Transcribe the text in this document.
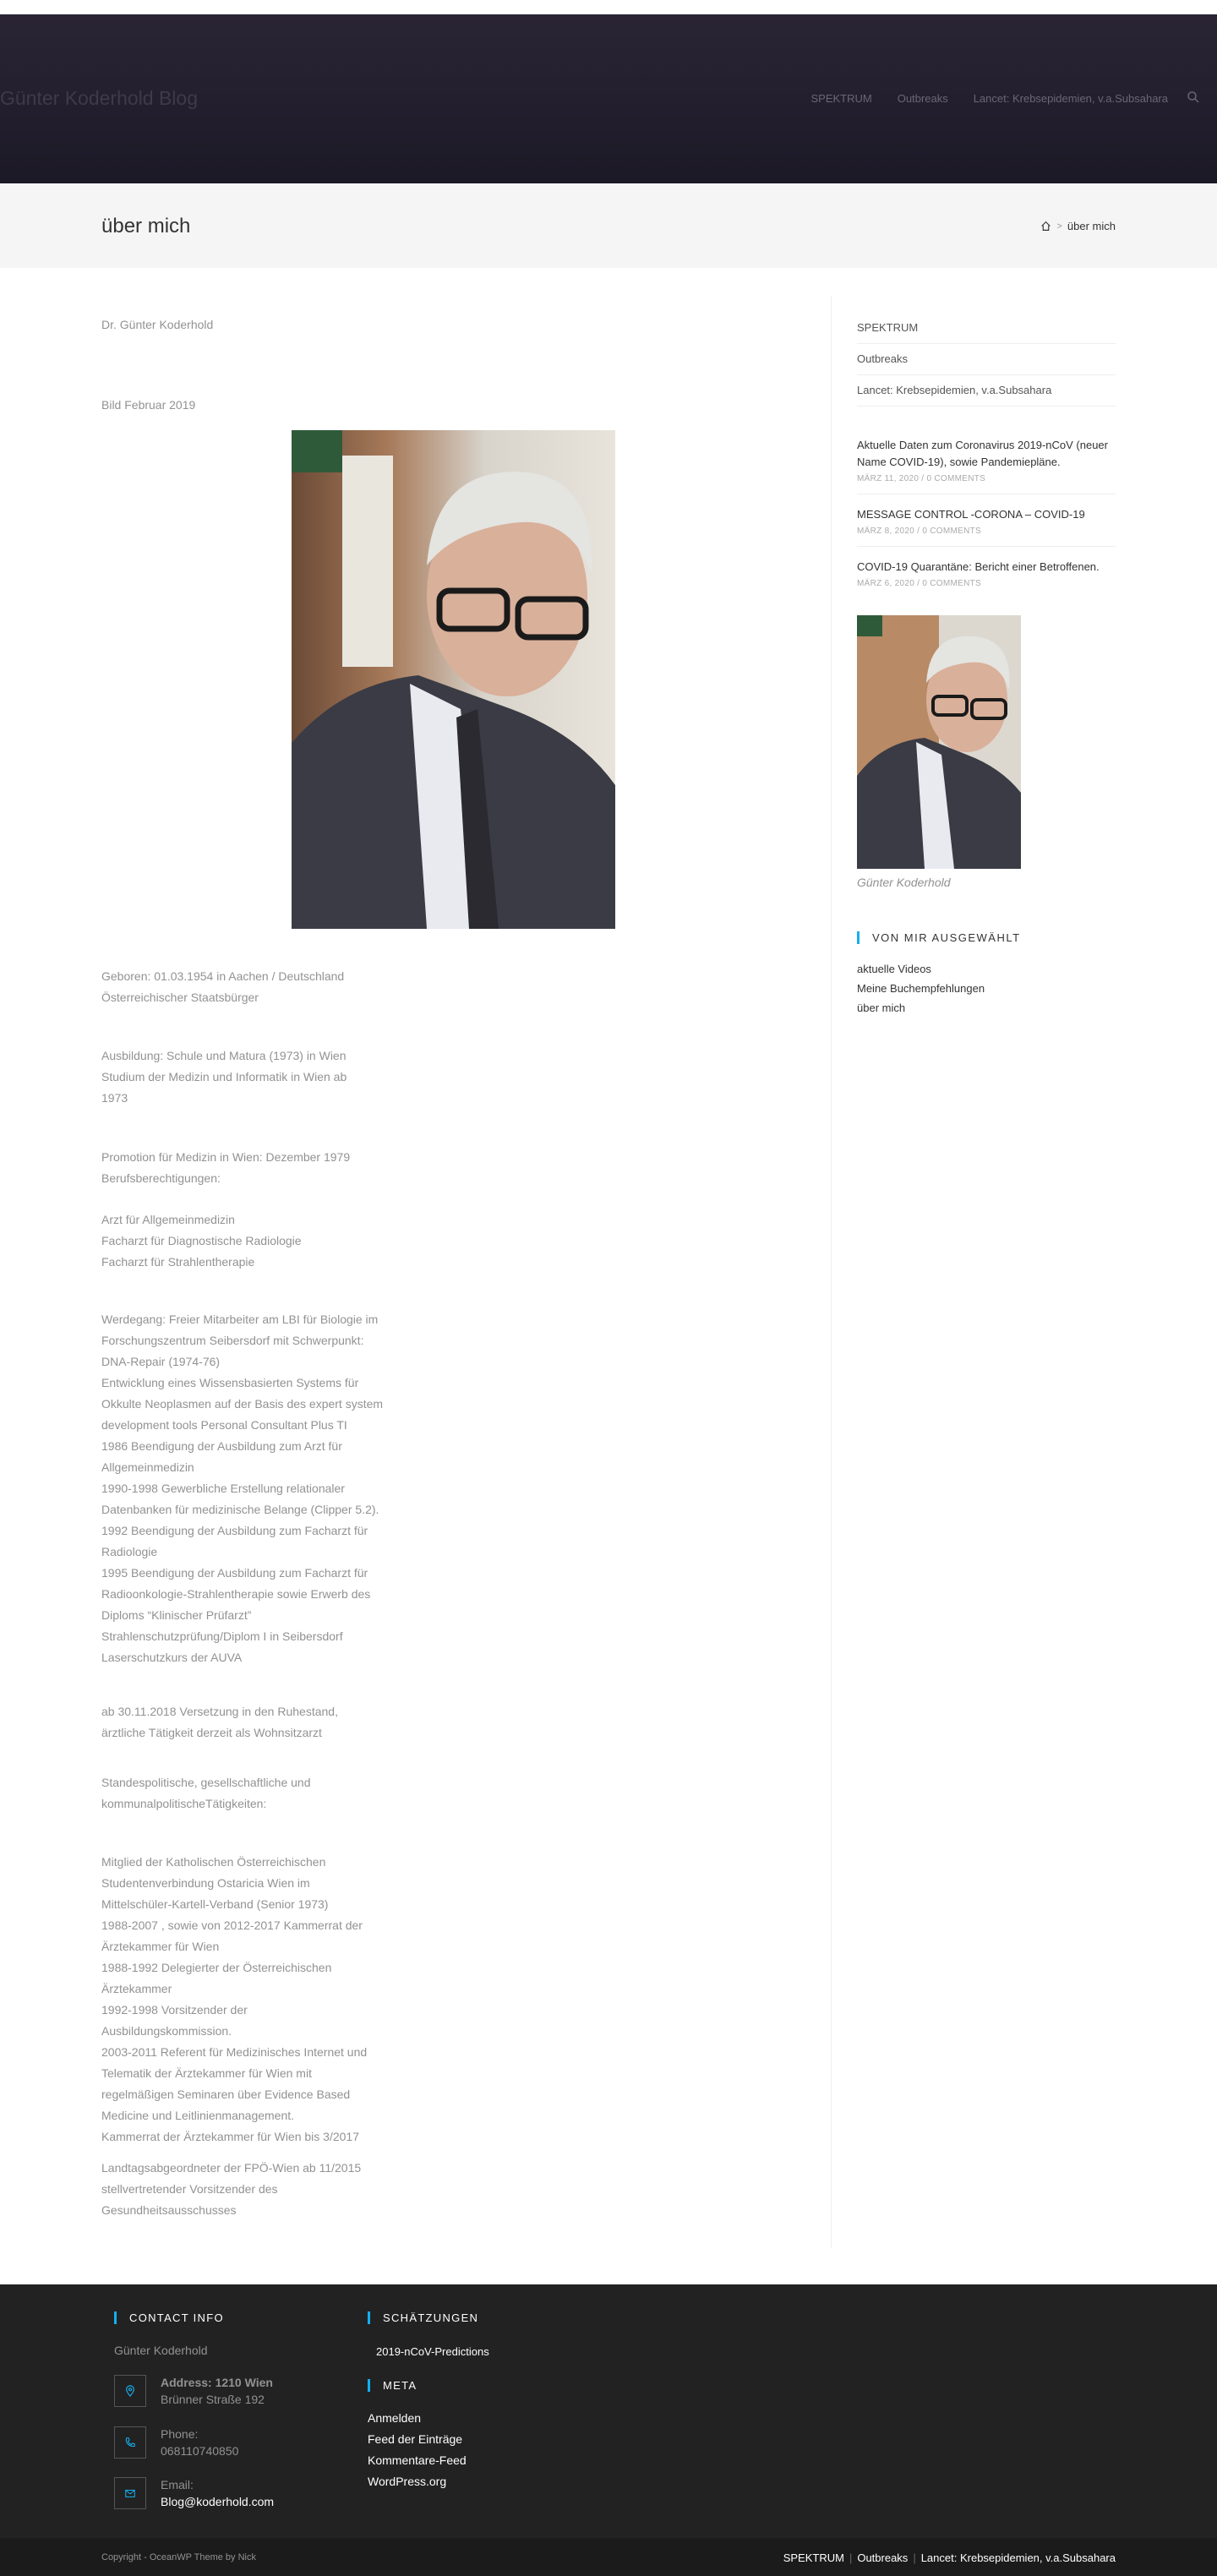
Günter Koderhold Blog	SPEKTRUM Outbreaks Lancet: Krebsepidemien, v.a.Subsahara
über mich	> über mich

Dr. Günter Koderhold

Bild Februar 2019

Geboren: 01.03.1954 in Aachen / Deutschland

Österreichischer Staatsbürger

Ausbildung: Schule und Matura (1973) in Wien

Studium der Medizin und Informatik in Wien ab

1973

Promotion für Medizin in Wien: Dezember 1979

Berufsberechtigungen:

Arzt für Allgemeinmedizin

Facharzt für Diagnostische Radiologie

Facharzt für Strahlentherapie

Werdegang: Freier Mitarbeiter am LBI für Biologie im

Forschungszentrum Seibersdorf mit Schwerpunkt:

DNA-Repair (1974-76)

Entwicklung eines Wissensbasierten Systems für

Okkulte Neoplasmen auf der Basis des expert system

development tools Personal Consultant Plus TI

1986 Beendigung der Ausbildung zum Arzt für

Allgemeinmedizin

1990-1998 Gewerbliche Erstellung relationaler

Datenbanken für medizinische Belange (Clipper 5.2).

1992 Beendigung der Ausbildung zum Facharzt für

Radiologie

1995 Beendigung der Ausbildung zum Facharzt für

Radioonkologie-Strahlentherapie sowie Erwerb des

Diploms “Klinischer Prüfarzt”

Strahlenschutzprüfung/Diplom I in Seibersdorf

Laserschutzkurs der AUVA

ab 30.11.2018 Versetzung in den Ruhestand,

ärztliche Tätigkeit derzeit als Wohnsitzarzt

Standespolitische, gesellschaftliche und

kommunalpolitischeTätigkeiten:

Mitglied der Katholischen Österreichischen

Studentenverbindung Ostaricia Wien im

Mittelschüler-Kartell-Verband (Senior 1973)

1988-2007 , sowie von 2012-2017 Kammerrat der

Ärztekammer für Wien

1988-1992 Delegierter der Österreichischen

Ärztekammer

1992-1998 Vorsitzender der

Ausbildungskommission.

2003-2011 Referent für Medizinisches Internet und

Telematik der Ärztekammer für Wien mit

regelmäßigen Seminaren über Evidence Based

Medicine und Leitlinienmanagement.

Kammerrat der Ärztekammer für Wien bis 3/2017

Landtagsabgeordneter der FPÖ-Wien ab 11/2015

stellvertretender Vorsitzender des

Gesundheitsausschusses

SPEKTRUM
Outbreaks
Lancet: Krebsepidemien, v.a.Subsahara
Aktuelle Daten zum Coronavirus 2019-nCoV (neuer Name COVID-19), sowie Pandemiepläne.
MÄRZ 11, 2020 / 0 COMMENTS
MESSAGE CONTROL -CORONA – COVID-19
MÄRZ 8, 2020 / 0 COMMENTS
COVID-19 Quarantäne: Bericht einer Betroffenen.
MÄRZ 6, 2020 / 0 COMMENTS
Günter Koderhold
VON MIR AUSGEWÄHLT
aktuelle Videos
Meine Buchempfehlungen
über mich
CONTACT INFO
Günter Koderhold
Address: 1210 Wien
Brünner Straße 192
Phone:
068110740850
Email:
Blog@koderhold.com
SCHÄTZUNGEN
2019-nCoV-Predictions
META
Anmelden
Feed der Einträge
Kommentare-Feed
WordPress.org
Copyright - OceanWP Theme by Nick	SPEKTRUM | Outbreaks | Lancet: Krebsepidemien, v.a.Subsahara
